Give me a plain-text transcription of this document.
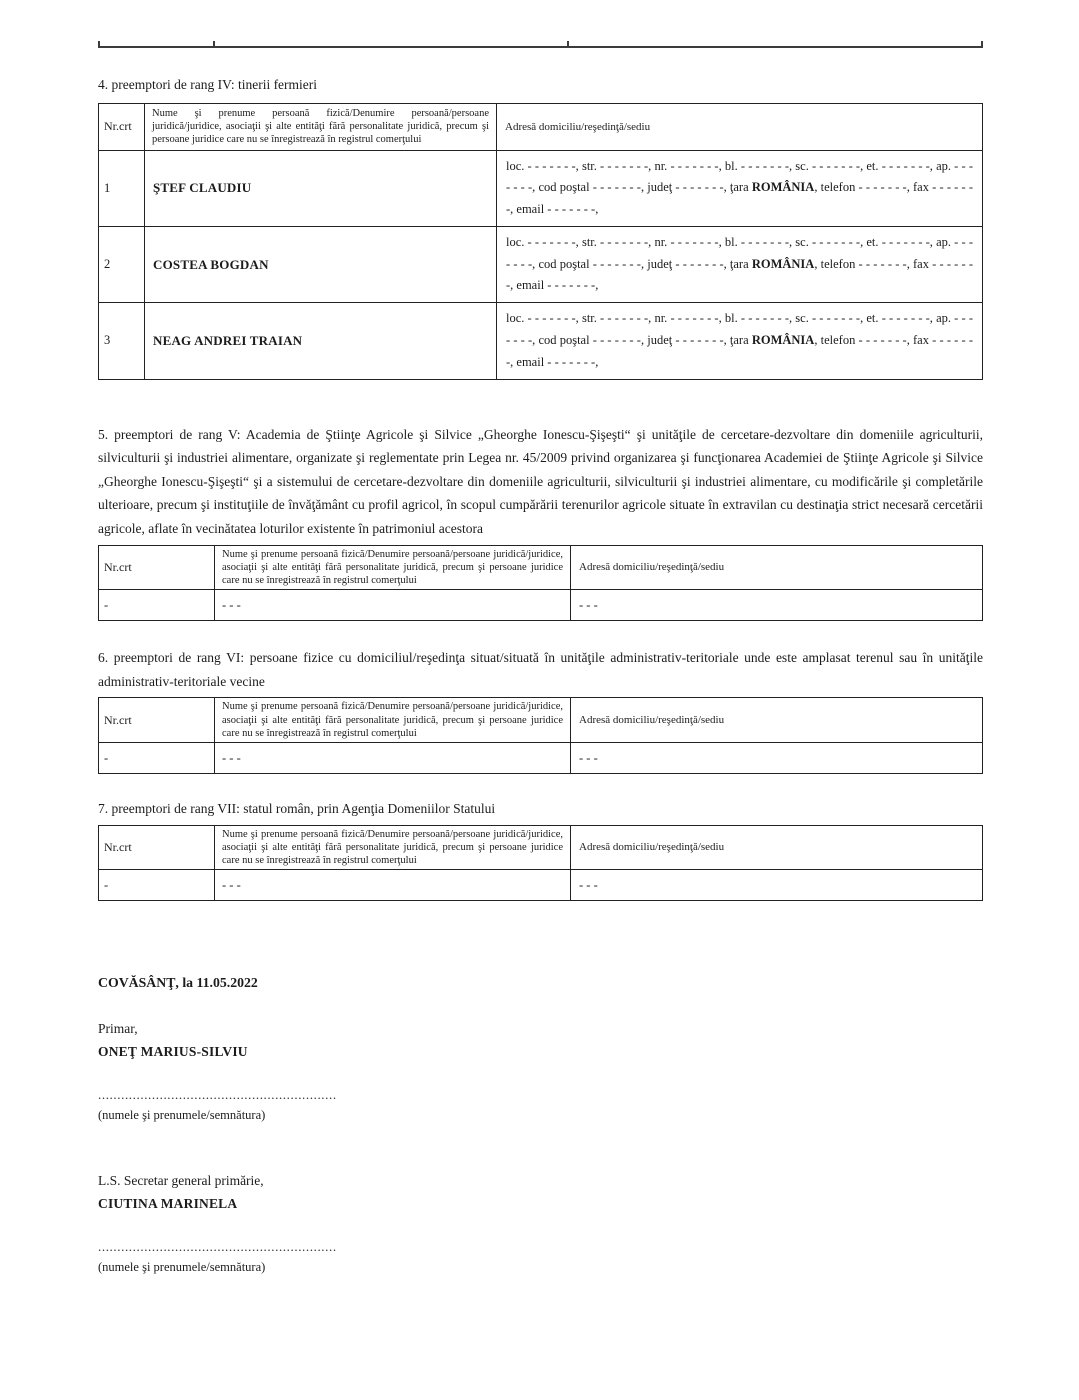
4. preemptori de rang IV: tinerii fermieri

Nr.crt	Nume şi prenume persoană fizică/Denumire persoană/persoane juridică/juridice, asociaţii şi alte entităţi fără personalitate juridică, precum şi persoane juridice care nu se înregistrează în registrul comerţului	Adresă domiciliu/reşedinţă/sediu
1	ŞTEF CLAUDIU	loc. - - - - - - -, str. - - - - - - -, nr. - - - - - - -, bl. - - - - - - -, sc. - - - - - - -, et. - - - - - - -, ap. - - - - - - -, cod poştal - - - - - - -, judeţ - - - - - - -, ţara ROMÂNIA, telefon - - - - - - -, fax - - - - - - -, email - - - - - - -,
2	COSTEA BOGDAN	loc. - - - - - - -, str. - - - - - - -, nr. - - - - - - -, bl. - - - - - - -, sc. - - - - - - -, et. - - - - - - -, ap. - - - - - - -, cod poştal - - - - - - -, judeţ - - - - - - -, ţara ROMÂNIA, telefon - - - - - - -, fax - - - - - - -, email - - - - - - -,
3	NEAG ANDREI TRAIAN	loc. - - - - - - -, str. - - - - - - -, nr. - - - - - - -, bl. - - - - - - -, sc. - - - - - - -, et. - - - - - - -, ap. - - - - - - -, cod poştal - - - - - - -, judeţ - - - - - - -, ţara ROMÂNIA, telefon - - - - - - -, fax - - - - - - -, email - - - - - - -,

5. preemptori de rang V: Academia de Ştiinţe Agricole şi Silvice „Gheorghe Ionescu-Şişeşti“ şi unităţile de cercetare-dezvoltare din domeniile agriculturii, silviculturii şi industriei alimentare, organizate şi reglementate prin Legea nr. 45/2009 privind organizarea şi funcţionarea Academiei de Ştiinţe Agricole şi Silvice „Gheorghe Ionescu-Şişeşti“ şi a sistemului de cercetare-dezvoltare din domeniile agriculturii, silviculturii şi industriei alimentare, cu modificările şi completările ulterioare, precum şi instituţiile de învăţământ cu profil agricol, în scopul cumpărării terenurilor agricole situate în extravilan cu destinaţia strict necesară cercetării agricole, aflate în vecinătatea loturilor existente în patrimoniul acestora

Nr.crt	Nume şi prenume persoană fizică/Denumire persoană/persoane juridică/juridice, asociaţii şi alte entităţi fără personalitate juridică, precum şi persoane juridice care nu se înregistrează în registrul comerţului	Adresă domiciliu/reşedinţă/sediu
-	- - -	- - -

6. preemptori de rang VI: persoane fizice cu domiciliul/reşedinţa situat/situată în unităţile administrativ-teritoriale unde este amplasat terenul sau în unităţile administrativ-teritoriale vecine

Nr.crt	Nume şi prenume persoană fizică/Denumire persoană/persoane juridică/juridice, asociaţii şi alte entităţi fără personalitate juridică, precum şi persoane juridice care nu se înregistrează în registrul comerţului	Adresă domiciliu/reşedinţă/sediu
-	- - -	- - -

7. preemptori de rang VII: statul român, prin Agenţia Domeniilor Statului

Nr.crt	Nume şi prenume persoană fizică/Denumire persoană/persoane juridică/juridice, asociaţii şi alte entităţi fără personalitate juridică, precum şi persoane juridice care nu se înregistrează în registrul comerţului	Adresă domiciliu/reşedinţă/sediu
-	- - -	- - -

COVĂSÂNŢ, la 11.05.2022

Primar,

ONEŢ MARIUS-SILVIU

..............................................................

(numele şi prenumele/semnătura)

L.S. Secretar general primărie,

CIUTINA MARINELA

..............................................................

(numele şi prenumele/semnătura)
